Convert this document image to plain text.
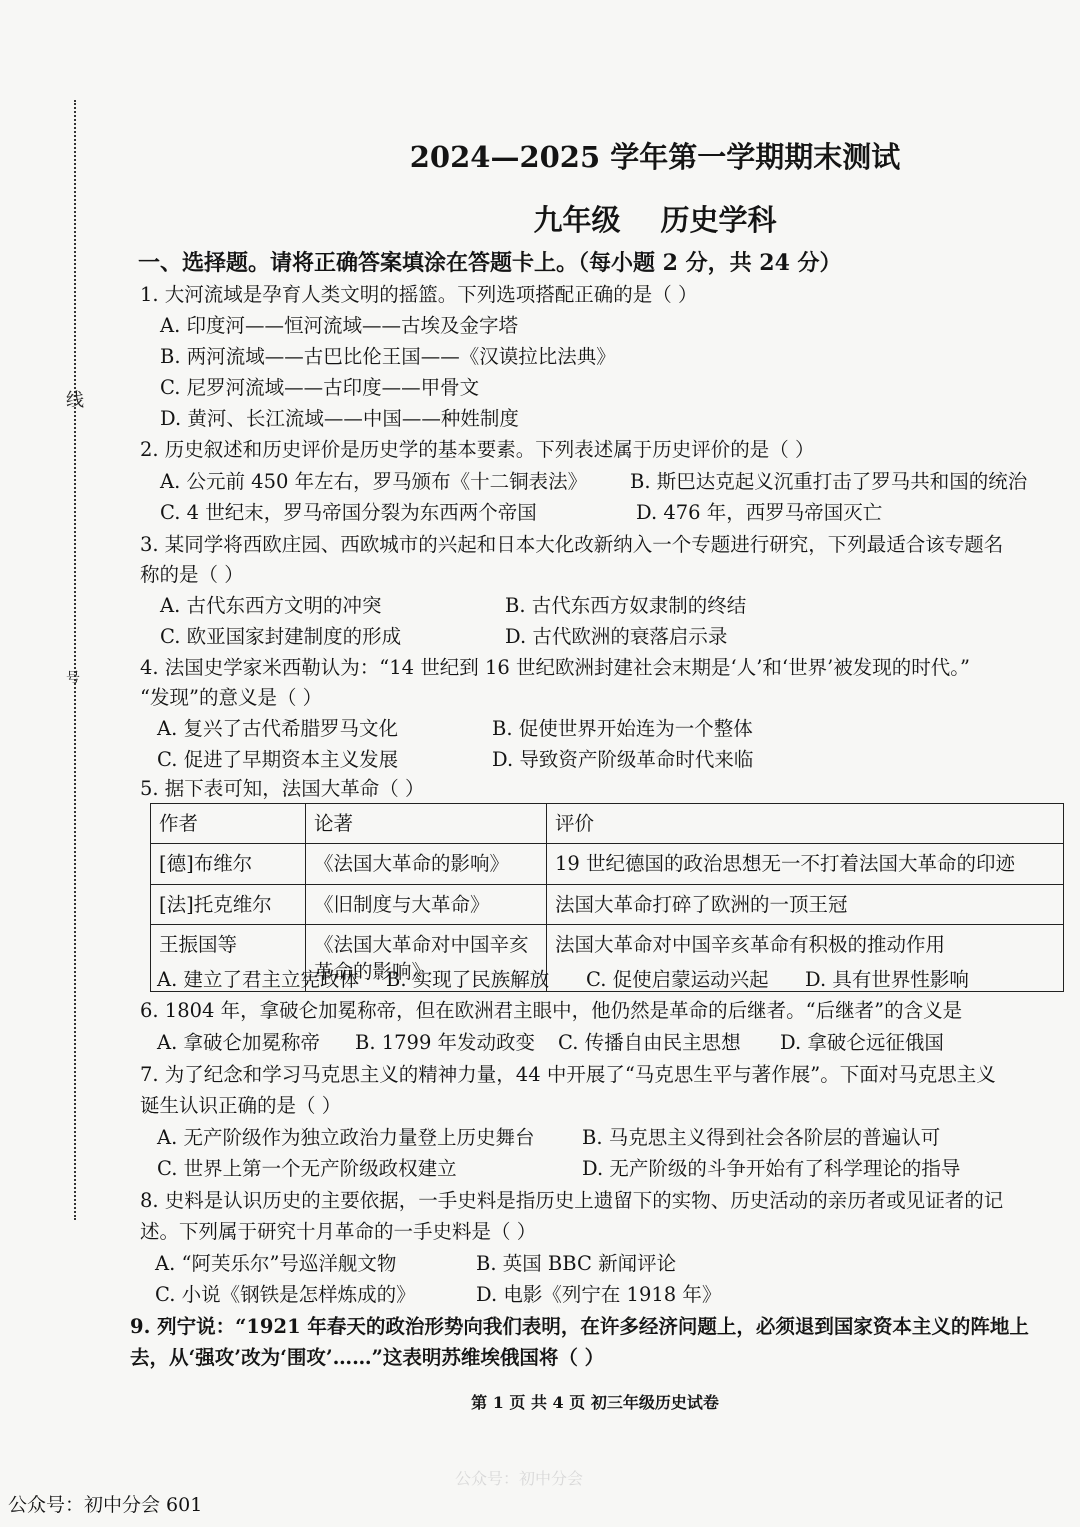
线
号
2024—2025 学年第一学期期末测试
九年级 历史学科
一、选择题。请将正确答案填涂在答题卡上。（每小题 2 分，共 24 分）
1. 大河流域是孕育人类文明的摇篮。下列选项搭配正确的是（ ）
A. 印度河——恒河流域——古埃及金字塔
B. 两河流域——古巴比伦王国——《汉谟拉比法典》
C. 尼罗河流域——古印度——甲骨文
D. 黄河、长江流域——中国——种姓制度
2. 历史叙述和历史评价是历史学的基本要素。下列表述属于历史评价的是（ ）
A. 公元前 450 年左右，罗马颁布《十二铜表法》 B. 斯巴达克起义沉重打击了罗马共和国的统治
C. 4 世纪末，罗马帝国分裂为东西两个帝国	D. 476 年，西罗马帝国灭亡
3. 某同学将西欧庄园、西欧城市的兴起和日本大化改新纳入一个专题进行研究，下列最适合该专题名
称的是（ ）
A. 古代东西方文明的冲突	B. 古代东西方奴隶制的终结
C. 欧亚国家封建制度的形成	D. 古代欧洲的衰落启示录
4. 法国史学家米西勒认为：“14 世纪到 16 世纪欧洲封建社会末期是‘人’和‘世界’被发现的时代。”
“发现”的意义是（ ）
A. 复兴了古代希腊罗马文化	B. 促使世界开始连为一个整体
C. 促进了早期资本主义发展	D. 导致资产阶级革命时代来临
5. 据下表可知，法国大革命（ ）
作者	论著	评价
[德]布维尔	《法国大革命的影响》	19 世纪德国的政治思想无一不打着法国大革命的印迹
[法]托克维尔	《旧制度与大革命》	法国大革命打碎了欧洲的一顶王冠
王振国等	《法国大革命对中国辛亥革命的影响》	法国大革命对中国辛亥革命有积极的推动作用
A. 建立了君主立宪政体 B. 实现了民族解放 C. 促使启蒙运动兴起 D. 具有世界性影响
6. 1804 年，拿破仑加冕称帝，但在欧洲君主眼中，他仍然是革命的后继者。“后继者”的含义是
A. 拿破仑加冕称帝 B. 1799 年发动政变 C. 传播自由民主思想 D. 拿破仑远征俄国
7. 为了纪念和学习马克思主义的精神力量，44 中开展了“马克思生平与著作展”。下面对马克思主义
诞生认识正确的是（ ）
A. 无产阶级作为独立政治力量登上历史舞台 B. 马克思主义得到社会各阶层的普遍认可
C. 世界上第一个无产阶级政权建立	D. 无产阶级的斗争开始有了科学理论的指导
8. 史料是认识历史的主要依据，一手史料是指历史上遗留下的实物、历史活动的亲历者或见证者的记
述。下列属于研究十月革命的一手史料是（ ）
A. “阿芙乐尔”号巡洋舰文物	B. 英国 BBC 新闻评论
C. 小说《钢铁是怎样炼成的》	D. 电影《列宁在 1918 年》
9. 列宁说：“1921 年春天的政治形势向我们表明，在许多经济问题上，必须退到国家资本主义的阵地上
去，从‘强攻’改为‘围攻’……”这表明苏维埃俄国将（ ）
第 1 页 共 4 页 初三年级历史试卷
公众号：初中分会
公众号：初中分会 601
